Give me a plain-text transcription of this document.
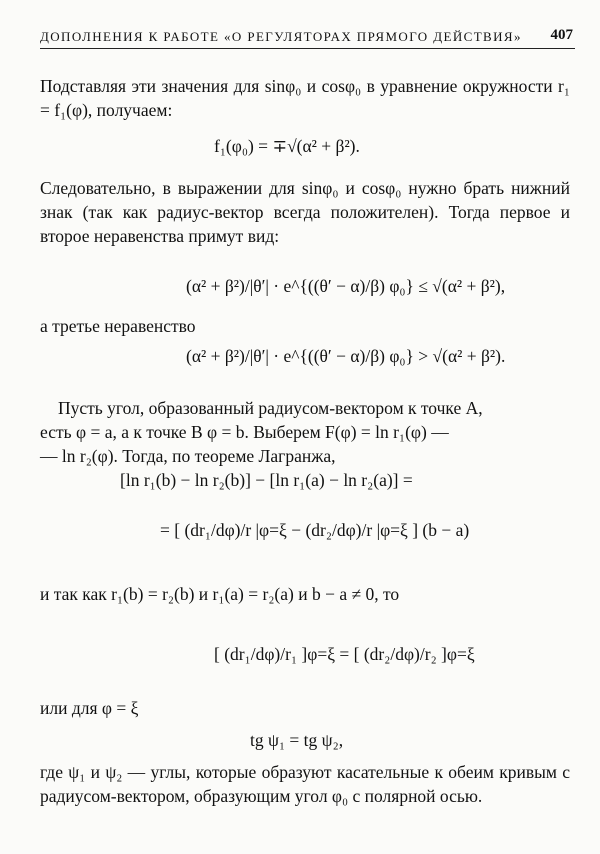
ДОПОЛНЕНИЯ К РАБОТЕ «О РЕГУЛЯТОРАХ ПРЯМОГО ДЕЙСТВИЯ» 407
Подставляя эти значения для sinφ₀ и cosφ₀ в уравнение окружности r₁ = f₁(φ), получаем:
f₁(φ₀) = ∓√(α² + β²).
Следовательно, в выражении для sinφ₀ и cosφ₀ нужно брать нижний знак (так как радиус-вектор всегда положителен). Тогда первое и второе неравенства примут вид:
(α² + β²)/|θ′| · e^{((θ′ − α)/β) φ₀} ≤ √(α² + β²),
а третье неравенство
(α² + β²)/|θ′| · e^{((θ′ − α)/β) φ₀} > √(α² + β²).
Пусть угол, образованный радиусом-вектором к точке A,
есть φ = a, а к точке B φ = b. Выберем F(φ) = ln r₁(φ) —
— ln r₂(φ). Тогда, по теореме Лагранжа,
[ln r₁(b) − ln r₂(b)] − [ln r₁(a) − ln r₂(a)] =
= [ (dr₁/dφ)/r |φ=ξ − (dr₂/dφ)/r |φ=ξ ] (b − a)
и так как r₁(b) = r₂(b) и r₁(a) = r₂(a) и b − a ≠ 0, то
[ (dr₁/dφ)/r₁ ]φ=ξ = [ (dr₂/dφ)/r₂ ]φ=ξ
или для φ = ξ
tg ψ₁ = tg ψ₂,
где ψ₁ и ψ₂ — углы, которые образуют касательные к обеим кривым с радиусом-вектором, образующим угол φ₀ с полярной осью.
